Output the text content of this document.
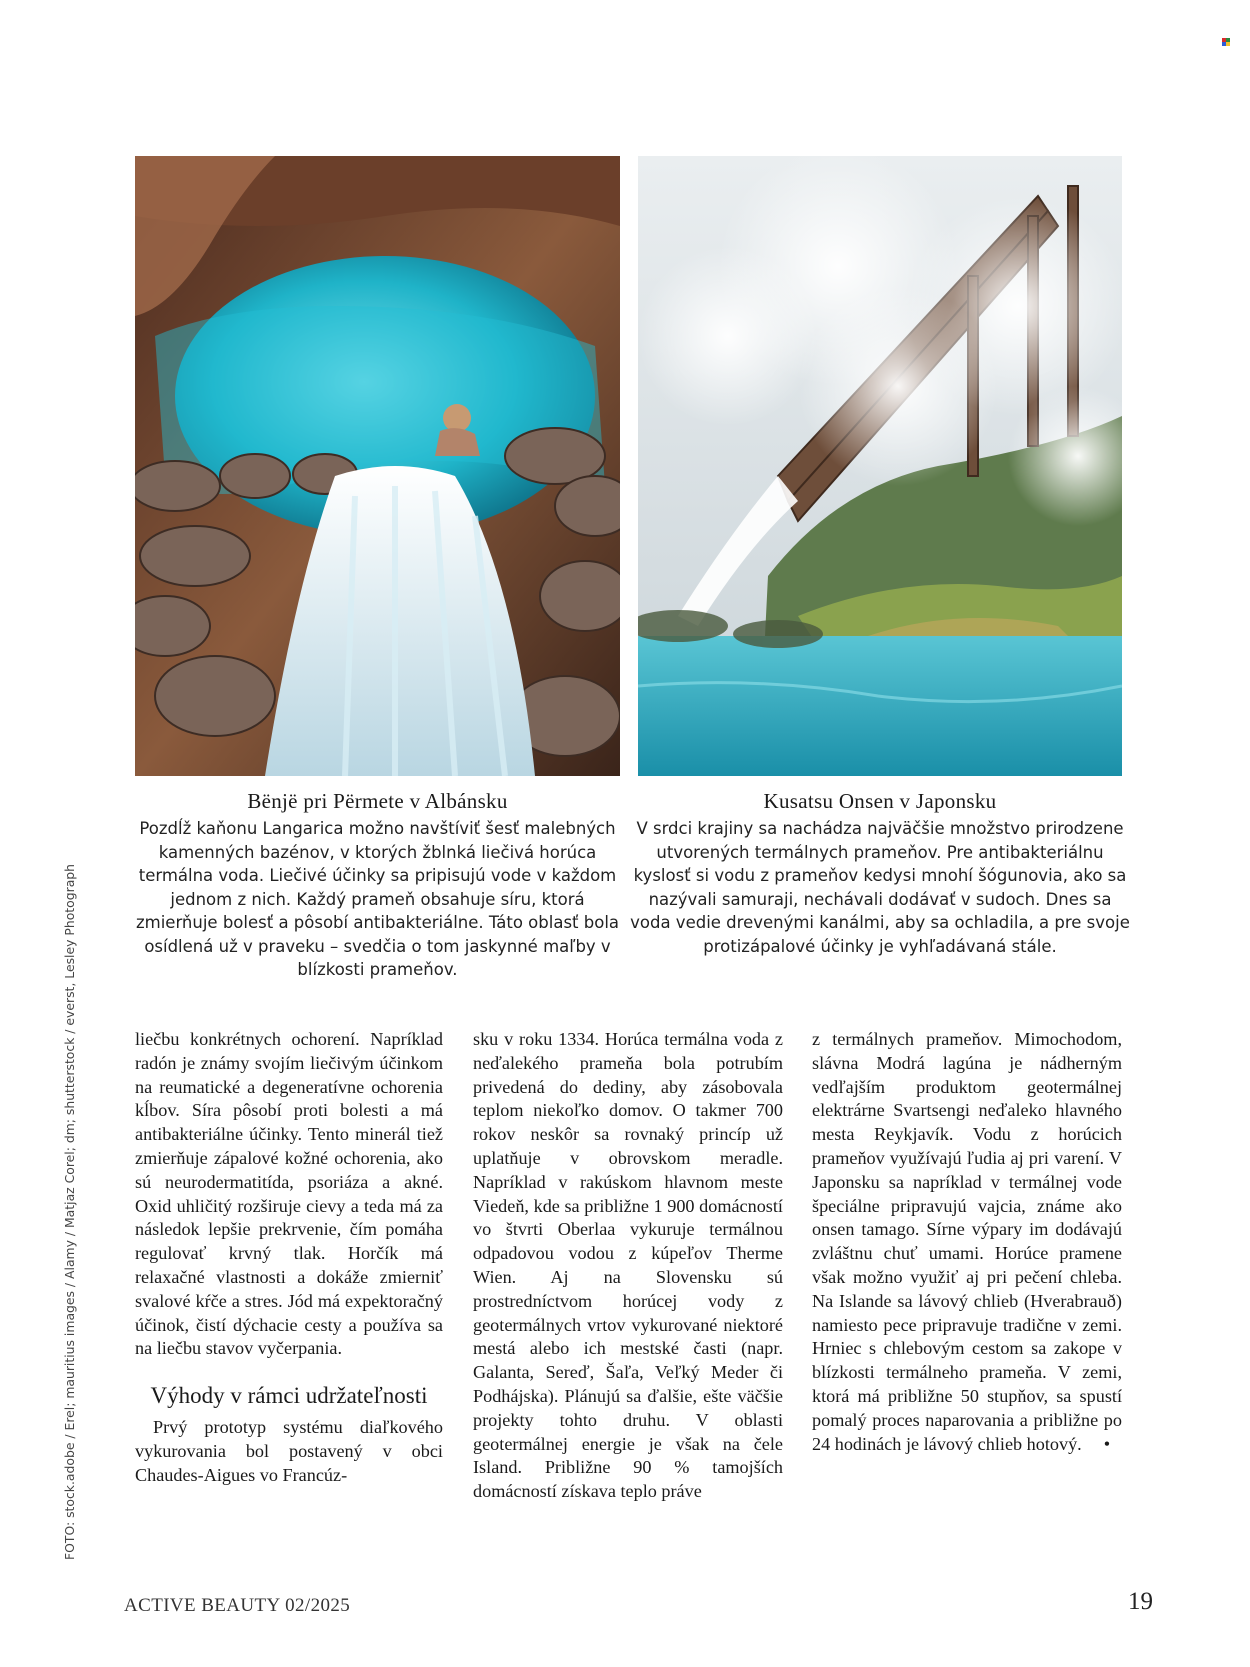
Bënjë pri Përmete v Albánsku

Pozdĺž kaňonu Langarica možno navštíviť šesť malebných kamenných bazénov, v ktorých žblnká liečivá horúca termálna voda. Liečivé účinky sa pripisujú vode v každom jednom z nich. Každý prameň obsahuje síru, ktorá zmierňuje bolesť a pôsobí antibakteriálne. Táto oblasť bola osídlená už v praveku – svedčia o tom jaskynné maľby v blízkosti prameňov.

Kusatsu Onsen v Japonsku

V srdci krajiny sa nachádza najväčšie množstvo prirodzene utvorených termálnych prameňov. Pre antibakteriálnu kyslosť si vodu z prameňov kedysi mnohí šógunovia, ako sa nazývali samuraji, nechávali dodávať v sudoch. Dnes sa voda vedie drevenými kanálmi, aby sa ochladila, a pre svoje protizápalové účinky je vyhľadávaná stále.

liečbu konkrétnych ochorení. Napríklad radón je známy svojím liečivým účinkom na reumatické a degeneratívne ochorenia kĺbov. Síra pôsobí proti bolesti a má antibakteriálne účinky. Tento minerál tiež zmierňuje zápalové kožné ochorenia, ako sú neurodermatitída, psoriáza a akné. Oxid uhličitý rozširuje cievy a teda má za následok lepšie prekrvenie, čím pomáha regulovať krvný tlak. Horčík má relaxačné vlastnosti a dokáže zmierniť svalové kŕče a stres. Jód má expektoračný účinok, čistí dýchacie cesty a používa sa na liečbu stavov vyčerpania.

Výhody v rámci udržateľnosti

Prvý prototyp systému diaľkového vykurovania bol postavený v obci Chaudes-Aigues vo Francúz-

sku v roku 1334. Horúca termálna voda z neďalekého prameňa bola potrubím privedená do dediny, aby zásobovala teplom niekoľko domov. O takmer 700 rokov neskôr sa rovnaký princíp už uplatňuje v obrovskom meradle. Napríklad v rakúskom hlavnom meste Viedeň, kde sa približne 1 900 domácností vo štvrti Oberlaa vykuruje termálnou odpadovou vodou z kúpeľov Therme Wien. Aj na Slovensku sú prostredníctvom horúcej vody z geotermálnych vrtov vykurované niektoré mestá alebo ich mestské časti (napr. Galanta, Sereď, Šaľa, Veľký Meder či Podhájska). Plánujú sa ďalšie, ešte väčšie projekty tohto druhu. V oblasti geotermálnej energie je však na čele Island. Približne 90 % tamojších domácností získava teplo práve

z termálnych prameňov. Mimochodom, slávna Modrá lagúna je nádherným vedľajším produktom geotermálnej elektrárne Svartsengi neďaleko hlavného mesta Reykjavík. Vodu z horúcich prameňov využívajú ľudia aj pri varení. V Japonsku sa napríklad v termálnej vode špeciálne pripravujú vajcia, známe ako onsen tamago. Sírne výpary im dodávajú zvláštnu chuť umami. Horúce pramene však možno využiť aj pri pečení chleba. Na Islande sa lávový chlieb (Hverabrauð) namiesto pece pripravuje tradične v zemi. Hrniec s chlebovým cestom sa zakope v blízkosti termálneho prameňa. V zemi, ktorá má približne 50 stupňov, sa spustí pomalý proces naparovania a približne po 24 hodinách je lávový chlieb hotový. •

FOTO: stock.adobe / Erel; mauritius images / Alamy / Matjaz Corel; dm; shutterstock / everst, Lesley Photograph
ACTIVE BEAUTY 02/2025	19
